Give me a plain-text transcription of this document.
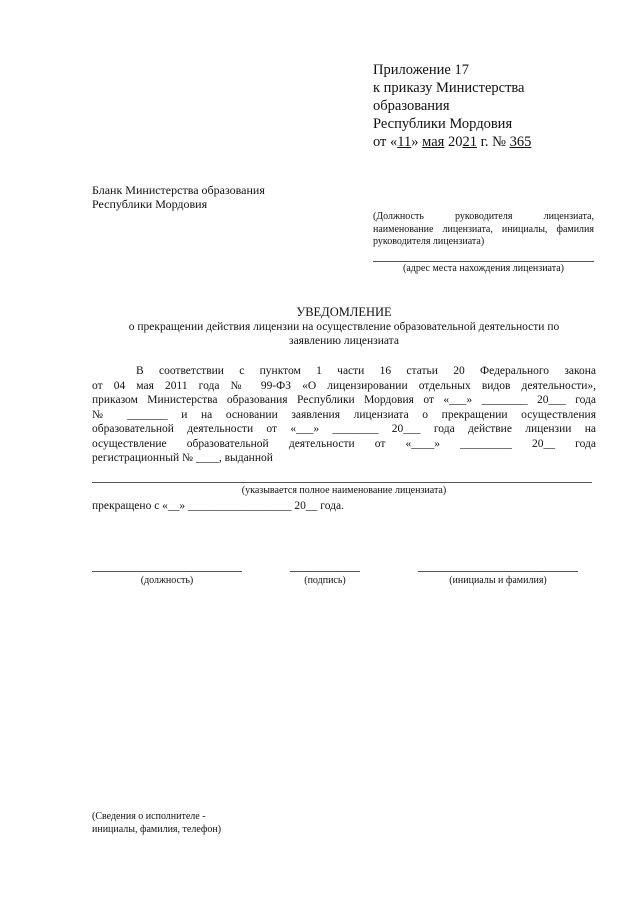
Приложение 17
к приказу Министерства
образования
Республики Мордовия
от «11» мая 2021 г. № 365
Бланк Министерства образования
Республики Мордовия
(Должность руководителя лицензиата, наименование лицензиата, инициалы, фамилия руководителя лицензиата)
(адрес места нахождения лицензиата)
УВЕДОМЛЕНИЕ
о прекращении действия лицензии на осуществление образовательной деятельности по
заявлению лицензиата
В соответствии с пунктом 1 части 16 статьи 20 Федерального закона
от 04 мая 2011 года № 99-ФЗ «О лицензировании отдельных видов деятельности»,
приказом Министерства образования Республики Мордовия от «___» ________ 20___ года
№ _______ и на основании заявления лицензиата о прекращении осуществления
образовательной деятельности от «___» ________ 20___ года действие лицензии на
осуществление образовательной деятельности от «____» _________ 20__ года
регистрационный № ____, выданной
(указывается полное наименование лицензиата)
прекращено с «__» __________________ 20__ года.
(должность)	(подпись)	(инициалы и фамилия)
(Сведения о исполнителе -
инициалы, фамилия, телефон)
